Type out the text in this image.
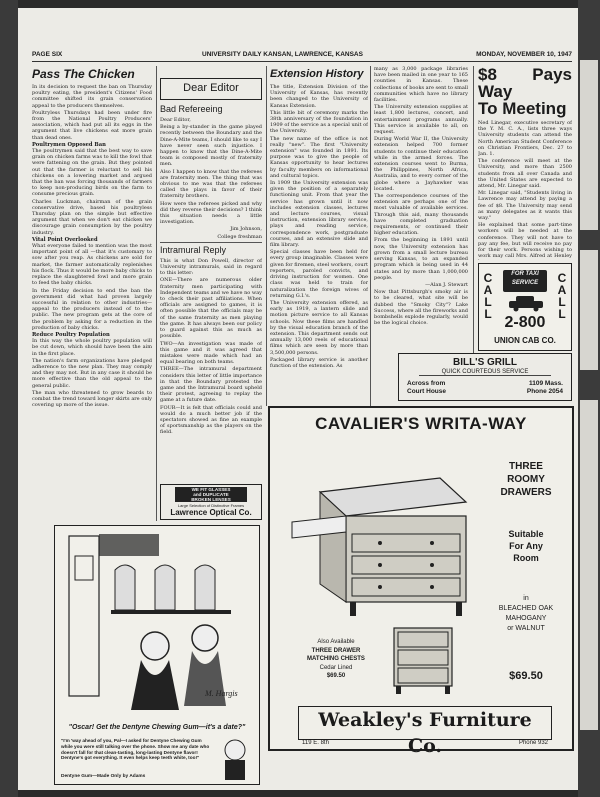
PAGE SIX	UNIVERSITY DAILY KANSAN, LAWRENCE, KANSAS	MONDAY, NOVEMBER 10, 1947
Pass The Chicken

In its decision to request the ban on Thursday poultry eating, the president's Citizens' Food committee shifted its grain conservation appeal to the producers themselves.

Poultryless Thursdays had been under fire from the National Poultry Producers' association, which had put all its eggs in the argument that live chickens eat more grain than dead ones.

Poultrymen Opposed Ban

The poultrymen said that the best way to save grain on chicken farms was to kill the fowl that were fattening on the grain. But they pointed out that the farmer is reluctant to sell his chickens on a lowering market and argued that the ban was forcing thousands of farmers to keep non-producing birds on the farm to consume precious grain.

Charles Luckman, chairman of the grain conservative drive, based his poultryless Thursday plan on the simple but effective argument that when we don't eat chicken we discourage grain consumption by the poultry industry.

Vital Point Overlooked

What everyone failed to mention was the most important point of all —that it's customary to sow after you reap. As chickens are sold for market, the farmer automatically replenishes his flock. Thus it would be more baby chicks to replace the slaughtered fowl and more grain to feed the baby chicks.

In the Friday decision to end the ban the government did what had proven largely successful in relation to other industries—appeal to the producers instead of to the public. The new program gets at the core of the problem by asking for a reduction in the production of baby chicks.

Reduce Poultry Population

In this way the whole poultry population will be cut down, which should have been the aim in the first place.

The nation's farm organizations have pledged adherence to the new plan. They may comply and they may not. But in any case it should be more effective than the old appeal to the general public.

The man who threatened to grow beards to combat the trend toward longer skirts are only covering up more of the issue.

Dear Editor
Bad Refereeing

Dear Editor,

Being a by-stander in the game played recently between the Boundary and the Dine-A-Mite teams, I should like to say I have never seen such injustice. I happen to know that the Dine-A-Mite team is composed mostly of fraternity men.

Also I happen to know that the referees are fraternity men. The thing that was obvious to me was that the referees called the plays in favor of their fraternity brothers.

How were the referees picked and why did they reverse their decisions? I think this situation needs a little investigation.

Jim Johnson,

College freshman

Intramural Reply

This is what Don Powell, director of University intramurals, said in regard to this letter:

ONE—There are numerous older fraternity men participating with Independent teams and we have no way to check their past affiliations. When officials are assigned to games, it is often possible that the officials may be of the same fraternity as men playing the game. It has always been our policy to guard against this as much as possible.

TWO—An investigation was made of this game and it was agreed that mistakes were made which had an equal bearing on both teams.

THREE—The intramural department considers this letter of little importance in that the Boundary protested the game and the Intramural board upheld their protest, agreeing to replay the game at a future date.

FOUR—It is felt that officials could and would do a much better job if the spectators showed as fine an example of sportsmanship as the players on the field.

WE FIT GLASSES
and DUPLICATE
BROKEN LENSES
Large Selection of Distinctive Frames
Lawrence Optical Co.
Extension History

The title, Extension Division of the University of Kansas, has recently been changed to the University of Kansas Extension.

This little bit of ceremony marks the 38th anniversary of the foundation in 1909 of the service as a special unit of the University.

The new name of the office is not really "new". The first "University extension" was founded in 1891. Its purpose was to give the people of Kansas opportunity to hear lectures by faculty members on informational and cultural topics.

In 1909 the University extension was given the position of a separately functioning unit. From that year the service has grown until it now includes extension classes, lectures and lecture courses, visual instruction, extension library service, plays and reading service, correspondence work, postgraduate courses, and an extensive slide and film library.

Special classes have been held for every group imaginable. Classes were given for firemen, steel workers, court reporters, paroled convicts, and driving instruction for women. One class was held to train for naturalization the foreign wives of returning G.I.'s.

The University extension offered, as early as 1919, a lantern slide and motion picture service to all Kansas schools. Now these films are handled by the visual education branch of the extension. This department sends out annually 13,000 reels of educational films which are seen by more than 3,500,000 persons.

Packaged library service is another function of the extension. As

many as 3,000 package libraries have been mailed in one year to 165 counties in Kansas. These collections of books are sent to small communities which have no library facilities.

The University extension supplies at least 1,800 lectures, concert, and entertainment programs annually. This service is available to all, on request.

During World War II, the University extension helped 700 former students to continue their education while in the armed forces. The extension courses went to Burma, the Philippines, North Africa, Australia, and to every corner of the globe where a Jayhawker was located.

The correspondence courses of the extension are perhaps one of the most valuable of available services. Through this aid, many thousands have completed graduation requirements, or continued their higher education.

From the beginning in 1891 until now, the University extension has grown from a small lecture bureau serving Kansas, to an expanded program which is being used in 44 states and by more than 1,000,000 people.

—Alan J. Stewart

Now that Pittsburgh's smoky air is to be cleared, what site will be dubbed the "Smoky City"? Lake Success, where all the fireworks and bombshells explode regularly, would be the logical choice.

$8 Pays Way
To Meeting

Ned Linegar, executive secretary of the Y. M. C. A., lists three ways University students can attend the North American Student Conference on Christian Frontiers, Dec. 27 to Jan. 1.

The conference will meet at the University, and more than 2500 students from all over Canada and the United States are expected to attend, Mr. Linegar said.

Mr. Linegar said, "Students living in Lawrence may attend by paying a fee of $8. The University may send as many delegates as it wants this way."

He explained that some part-time workers will be needed at the conference. They will not have to pay any fee, but will receive no pay for their work. Persons wishing to work may call Mrs. Alfred at Henley

CALL
CALL
FOR TAXI
SERVICE
2-800
UNION CAB CO.
BILL'S GRILL
QUICK COURTEOUS SERVICE
Across from
Court House
1109 Mass.
Phone 2054
M. Hargis
"Oscar! Get the Dentyne Chewing Gum—it's a date?"
"I'm 'way ahead of you, Pal—I asked for Dentyne Chewing Gum while you were still talking over the phone. Show me any date who doesn't fall for that clean-tasting, long-lasting Dentyne flavor! Dentyne's got everything. It even helps keep teeth white, too!"
Dentyne Gum—Made Only by Adams
CAVALIER'S WRITA-WAY
THREE
ROOMY
DRAWERS
Suitable
For Any
Room
in
BLEACHED OAK
MAHOGANY
or WALNUT
$69.50
Also Available
THREE DRAWER
MATCHING CHESTS
Cedar Lined
$69.50
Weakley's Furniture Co.
119 E. 8th	Phone 932
